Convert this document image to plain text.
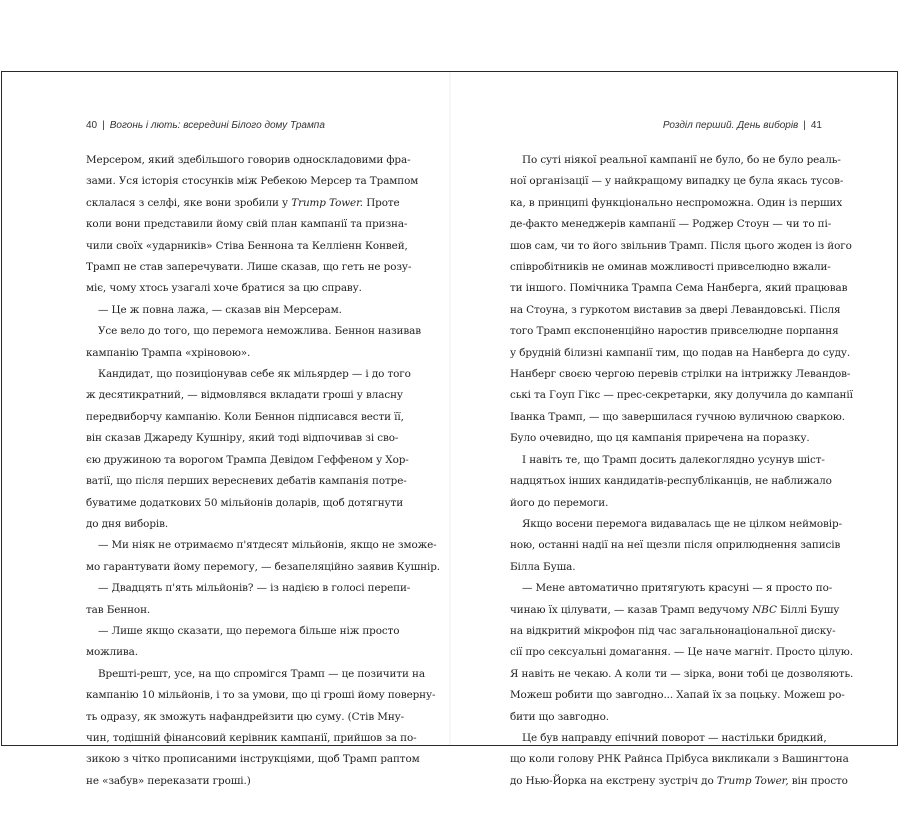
40 | Вогонь і лють: всередині Білого дому Трампа	Розділ перший. День виборів | 41

Мерсером, який здебільшого говорив односкладовими фра-

зами. Уся історія стосунків між Ребекою Мерсер та Трампом

склалася з селфі, яке вони зробили у Trump Tower. Проте

коли вони представили йому свій план кампанії та призна-

чили своїх «ударників» Стіва Беннона та Келліенн Конвей,

Трамп не став заперечувати. Лише сказав, що геть не розу-

міє, чому хтось узагалі хоче братися за цю справу.

— Це ж повна лажа, — сказав він Мерсерам.

Усе вело до того, що перемога неможлива. Беннон називав

кампанію Трампа «хріновою».

Кандидат, що позиціонував себе як мільярдер — і до того

ж десятикратний, — відмовлявся вкладати гроші у власну

передвиборчу кампанію. Коли Беннон підписався вести її,

він сказав Джареду Кушніру, який тоді відпочивав зі сво-

єю дружиною та ворогом Трампа Девідом Геффеном у Хор-

ватії, що після перших вересневих дебатів кампанія потре-

буватиме додаткових 50 мільйонів доларів, щоб дотягнути

до дня виборів.

— Ми ніяк не отримаємо п'ятдесят мільйонів, якщо не зможе-

мо гарантувати йому перемогу, — безапеляційно заявив Кушнір.

— Двадцять п'ять мільйонів? — із надією в голосі перепи-

тав Беннон.

— Лише якщо сказати, що перемога більше ніж просто

можлива.

Врешті-решт, усе, на що спромігся Трамп — це позичити на

кампанію 10 мільйонів, і то за умови, що ці гроші йому поверну-

ть одразу, як зможуть нафандрейзити цю суму. (Стів Мну-

чин, тодішній фінансовий керівник кампанії, прийшов за по-

зикою з чітко прописаними інструкціями, щоб Трамп раптом

не «забув» переказати гроші.)

По суті ніякої реальної кампанії не було, бо не було реаль-

ної організації — у найкращому випадку це була якась тусов-

ка, в принципі функціонально неспроможна. Один із перших

де-факто менеджерів кампанії — Роджер Стоун — чи то пі-

шов сам, чи то його звільнив Трамп. Після цього жоден із його

співробітників не оминав можливості привселюдно вжали-

ти іншого. Помічника Трампа Сема Нанберга, який працював

на Стоуна, з гуркотом виставив за двері Левандовські. Після

того Трамп експоненційно наростив привселюдне порпання

у брудній білизні кампанії тим, що подав на Нанберга до суду.

Нанберг своєю чергою перевів стрілки на інтрижку Левандов-

ські та Гоуп Гікс — прес-секретарки, яку долучила до кампанії

Іванка Трамп, — що завершилася гучною вуличною сваркою.

Було очевидно, що ця кампанія приречена на поразку.

І навіть те, що Трамп досить далекоглядно усунув шіст-

надцятьох інших кандидатів-республіканців, не наближало

його до перемоги.

Якщо восени перемога видавалась ще не цілком неймовір-

ною, останні надії на неї щезли після оприлюднення записів

Білла Буша.

— Мене автоматично притягують красуні — я просто по-

чинаю їх цілувати, — казав Трамп ведучому NBC Біллі Бушу

на відкритий мікрофон під час загальнонаціональної диску-

сії про сексуальні домагання. — Це наче магніт. Просто цілую.

Я навіть не чекаю. А коли ти — зірка, вони тобі це дозволяють.

Можеш робити що завгодно... Хапай їх за поцьку. Можеш ро-

бити що завгодно.

Це був направду епічний поворот — настільки бридкий,

що коли голову РНК Райнса Прібуса викликали з Вашингтона

до Нью-Йорка на екстрену зустріч до Trump Tower, він просто
